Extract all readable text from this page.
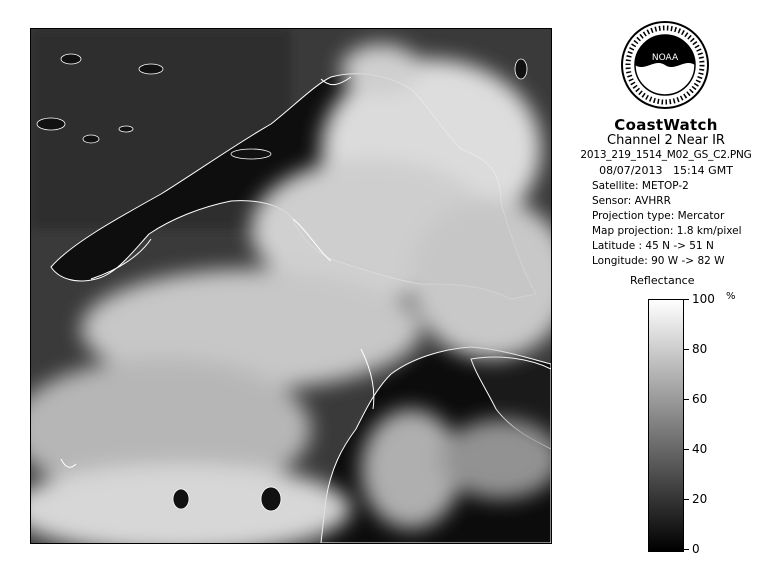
NOAA
CoastWatch
Channel 2 Near IR
2013_219_1514_M02_GS_C2.PNG
08/07/2013 15:14 GMT
Satellite: METOP-2
Sensor: AVHRR
Projection type: Mercator
Map projection: 1.8 km/pixel
Latitude : 45 N -> 51 N
Longitude: 90 W -> 82 W
Reflectance
%
100
80
60
40
20
0
